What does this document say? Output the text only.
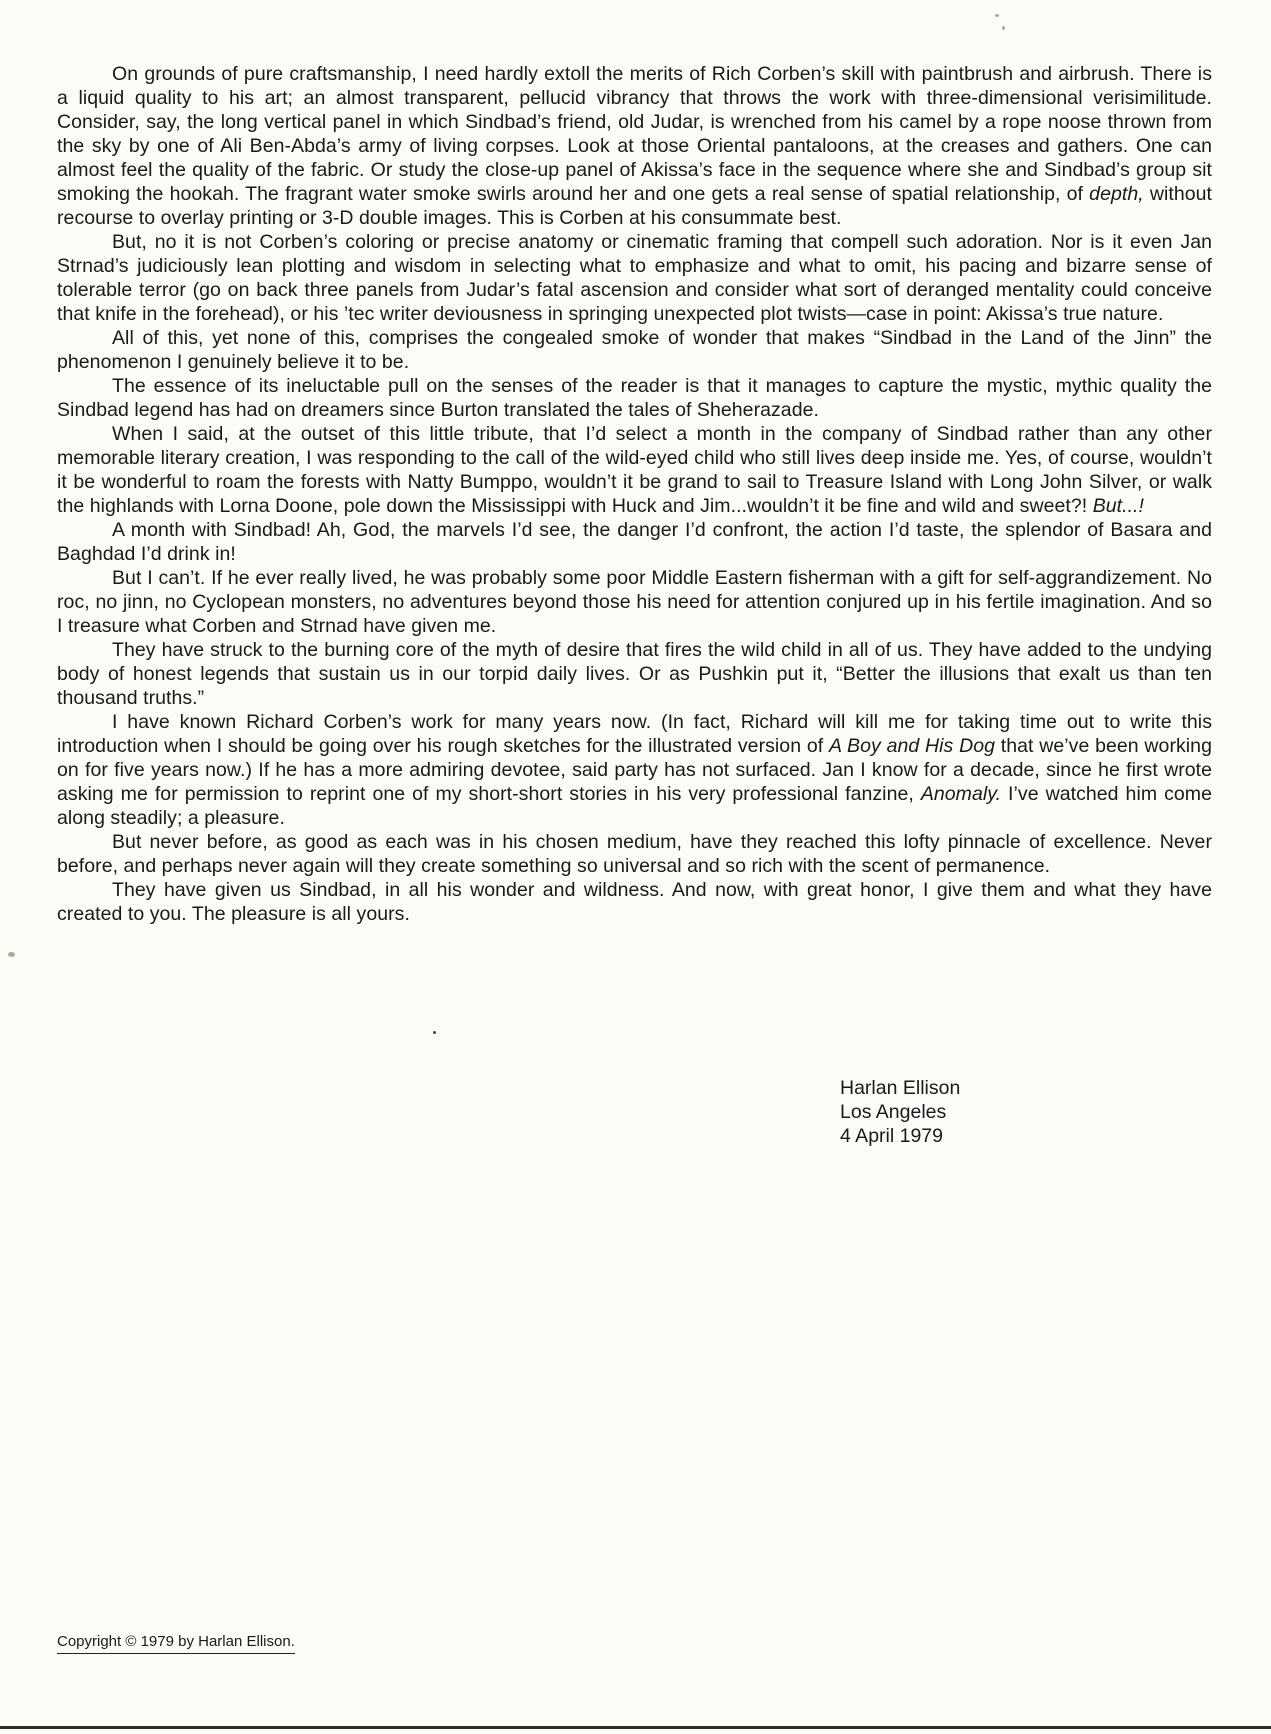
On grounds of pure craftsmanship, I need hardly extoll the merits of Rich Corben’s skill with paintbrush and airbrush. There is a liquid quality to his art; an almost transparent, pellucid vibrancy that throws the work with three-dimensional verisimilitude. Consider, say, the long vertical panel in which Sindbad’s friend, old Judar, is wrenched from his camel by a rope noose thrown from the sky by one of Ali Ben-Abda’s army of living corpses. Look at those Oriental pantaloons, at the creases and gathers. One can almost feel the quality of the fabric. Or study the close-up panel of Akissa’s face in the sequence where she and Sindbad’s group sit smoking the hookah. The fragrant water smoke swirls around her and one gets a real sense of spatial relationship, of depth, without recourse to overlay printing or 3-D double images. This is Corben at his consummate best.

But, no it is not Corben’s coloring or precise anatomy or cinematic framing that compell such adoration. Nor is it even Jan Strnad’s judiciously lean plotting and wisdom in selecting what to emphasize and what to omit, his pacing and bizarre sense of tolerable terror (go on back three panels from Judar’s fatal ascension and consider what sort of deranged mentality could conceive that knife in the forehead), or his ’tec writer deviousness in springing unexpected plot twists—case in point: Akissa’s true nature.

All of this, yet none of this, comprises the congealed smoke of wonder that makes “Sindbad in the Land of the Jinn” the phenomenon I genuinely believe it to be.

The essence of its ineluctable pull on the senses of the reader is that it manages to capture the mystic, mythic quality the Sindbad legend has had on dreamers since Burton translated the tales of Sheherazade.

When I said, at the outset of this little tribute, that I’d select a month in the company of Sindbad rather than any other memorable literary creation, I was responding to the call of the wild-eyed child who still lives deep inside me. Yes, of course, wouldn’t it be wonderful to roam the forests with Natty Bumppo, wouldn’t it be grand to sail to Treasure Island with Long John Silver, or walk the highlands with Lorna Doone, pole down the Mississippi with Huck and Jim...wouldn’t it be fine and wild and sweet?! But...!

A month with Sindbad! Ah, God, the marvels I’d see, the danger I’d confront, the action I’d taste, the splendor of Basara and Baghdad I’d drink in!

But I can’t. If he ever really lived, he was probably some poor Middle Eastern fisherman with a gift for self-aggrandizement. No roc, no jinn, no Cyclopean monsters, no adventures beyond those his need for attention conjured up in his fertile imagination. And so I treasure what Corben and Strnad have given me.

They have struck to the burning core of the myth of desire that fires the wild child in all of us. They have added to the undying body of honest legends that sustain us in our torpid daily lives. Or as Pushkin put it, “Better the illusions that exalt us than ten thousand truths.”

I have known Richard Corben’s work for many years now. (In fact, Richard will kill me for taking time out to write this introduction when I should be going over his rough sketches for the illustrated version of A Boy and His Dog that we’ve been working on for five years now.) If he has a more admiring devotee, said party has not surfaced. Jan I know for a decade, since he first wrote asking me for permission to reprint one of my short-short stories in his very professional fanzine, Anomaly. I’ve watched him come along steadily; a pleasure.

But never before, as good as each was in his chosen medium, have they reached this lofty pinnacle of excellence. Never before, and perhaps never again will they create something so universal and so rich with the scent of permanence.

They have given us Sindbad, in all his wonder and wildness. And now, with great honor, I give them and what they have created to you. The pleasure is all yours.

Harlan Ellison
Los Angeles
4 April 1979
Copyright © 1979 by Harlan Ellison.
